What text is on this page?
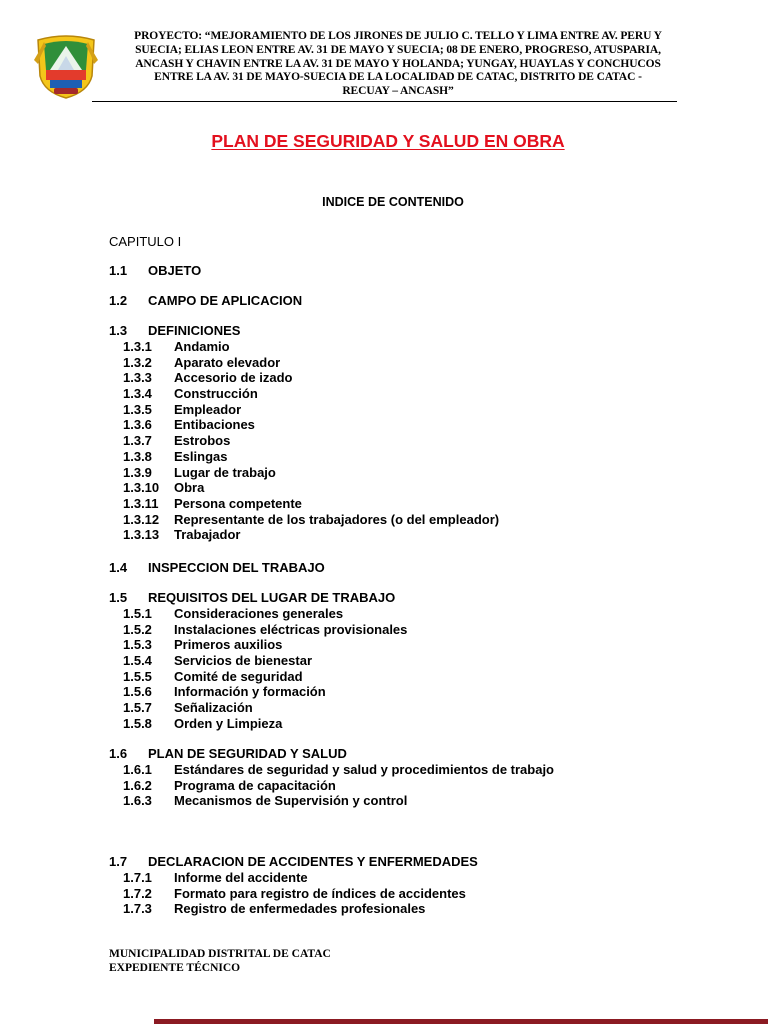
PROYECTO: “MEJORAMIENTO DE LOS JIRONES DE JULIO C. TELLO Y LIMA ENTRE AV. PERU Y
SUECIA; ELIAS LEON ENTRE AV. 31 DE MAYO Y SUECIA; 08 DE ENERO, PROGRESO, ATUSPARIA,
ANCASH Y CHAVIN ENTRE LA AV. 31 DE MAYO Y HOLANDA; YUNGAY, HUAYLAS Y CONCHUCOS
ENTRE LA AV. 31 DE MAYO-SUECIA DE LA LOCALIDAD DE CATAC, DISTRITO DE CATAC -
RECUAY – ANCASH”
PLAN DE SEGURIDAD Y SALUD EN OBRA
INDICE DE CONTENIDO
CAPITULO I
1.1 OBJETO
1.2 CAMPO DE APLICACION
1.3 DEFINICIONES
1.3.1 Andamio
1.3.2 Aparato elevador
1.3.3 Accesorio de izado
1.3.4 Construcción
1.3.5 Empleador
1.3.6 Entibaciones
1.3.7 Estrobos
1.3.8 Eslingas
1.3.9 Lugar de trabajo
1.3.10 Obra
1.3.11 Persona competente
1.3.12 Representante de los trabajadores (o del empleador)
1.3.13 Trabajador
1.4 INSPECCION DEL TRABAJO
1.5 REQUISITOS DEL LUGAR DE TRABAJO
1.5.1 Consideraciones generales
1.5.2 Instalaciones eléctricas provisionales
1.5.3 Primeros auxilios
1.5.4 Servicios de bienestar
1.5.5 Comité de seguridad
1.5.6 Información y formación
1.5.7 Señalización
1.5.8 Orden y Limpieza
1.6 PLAN DE SEGURIDAD Y SALUD
1.6.1 Estándares de seguridad y salud y procedimientos de trabajo
1.6.2 Programa de capacitación
1.6.3 Mecanismos de Supervisión y control
1.7 DECLARACION DE ACCIDENTES Y ENFERMEDADES
1.7.1 Informe del accidente
1.7.2 Formato para registro de índices de accidentes
1.7.3 Registro de enfermedades profesionales
MUNICIPALIDAD DISTRITAL DE CATAC
EXPEDIENTE TÉCNICO
